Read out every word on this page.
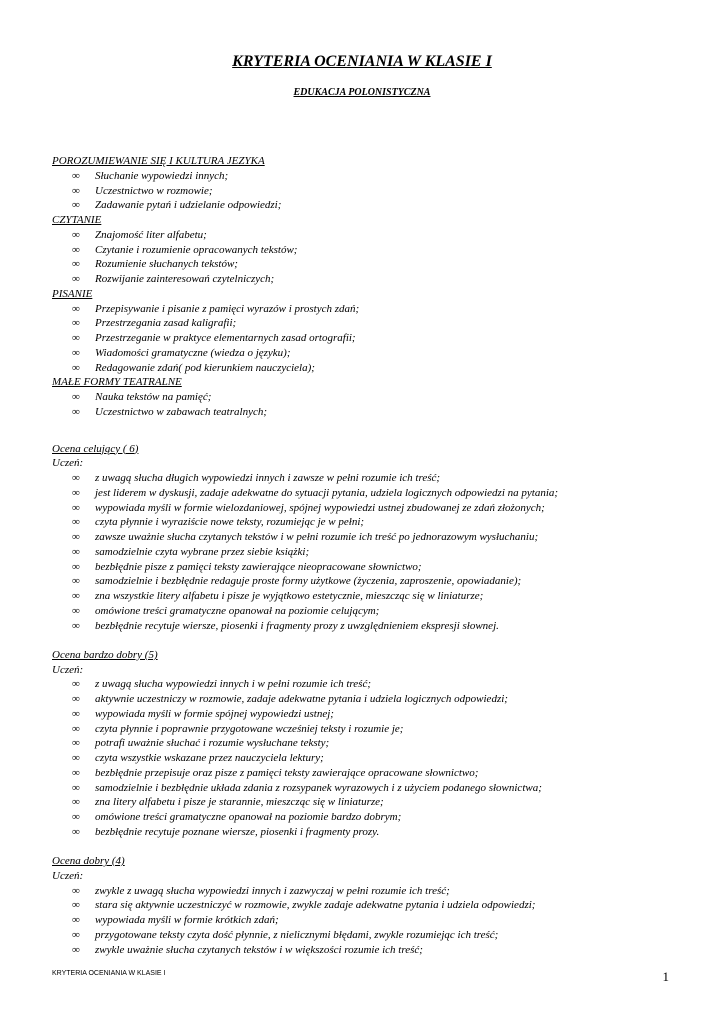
KRYTERIA OCENIANIA W KLASIE I
EDUKACJA POLONISTYCZNA
POROZUMIEWANIE SIĘ I KULTURA JEZYKA
∞ Słuchanie wypowiedzi innych;
∞ Uczestnictwo w rozmowie;
∞ Zadawanie pytań i udzielanie odpowiedzi;
CZYTANIE
∞ Znajomość liter alfabetu;
∞ Czytanie i rozumienie opracowanych tekstów;
∞ Rozumienie słuchanych tekstów;
∞ Rozwijanie zainteresowań czytelniczych;
PISANIE
∞ Przepisywanie i pisanie z pamięci wyrazów i prostych zdań;
∞ Przestrzegania zasad kaligrafii;
∞ Przestrzeganie w praktyce elementarnych zasad ortografii;
∞ Wiadomości gramatyczne (wiedza o języku);
∞ Redagowanie zdań( pod kierunkiem nauczyciela);
MAŁE FORMY TEATRALNE
∞ Nauka tekstów na pamięć;
∞ Uczestnictwo w zabawach teatralnych;
Ocena celujący ( 6)
Uczeń:
∞ z uwagą słucha długich wypowiedzi innych i zawsze w pełni rozumie ich treść;
∞ jest liderem w dyskusji, zadaje adekwatne do sytuacji pytania, udziela logicznych odpowiedzi na pytania;
∞ wypowiada myśli w formie wielozdaniowej, spójnej wypowiedzi ustnej zbudowanej ze zdań złożonych;
∞ czyta płynnie i wyraziście nowe teksty, rozumiejąc je w pełni;
∞ zawsze uważnie słucha czytanych tekstów i w pełni rozumie ich treść po jednorazowym wysłuchaniu;
∞ samodzielnie czyta wybrane przez siebie książki;
∞ bezbłędnie pisze z pamięci teksty zawierające nieopracowane słownictwo;
∞ samodzielnie i bezbłędnie redaguje proste formy użytkowe (życzenia, zaproszenie, opowiadanie);
∞ zna wszystkie litery alfabetu i pisze je wyjątkowo estetycznie, mieszcząc się w liniaturze;
∞ omówione treści gramatyczne opanował na poziomie celującym;
∞ bezbłędnie recytuje wiersze, piosenki i fragmenty prozy z uwzględnieniem ekspresji słownej.
Ocena bardzo dobry (5)
Uczeń:
∞ z uwagą słucha wypowiedzi innych i w pełni rozumie ich treść;
∞ aktywnie uczestniczy w rozmowie, zadaje adekwatne pytania i udziela logicznych odpowiedzi;
∞ wypowiada myśli w formie spójnej wypowiedzi ustnej;
∞ czyta płynnie i poprawnie przygotowane wcześniej teksty i rozumie je;
∞ potrafi uważnie słuchać i rozumie wysłuchane teksty;
∞ czyta wszystkie wskazane przez nauczyciela lektury;
∞ bezbłędnie przepisuje oraz pisze z pamięci teksty zawierające opracowane słownictwo;
∞ samodzielnie i bezbłędnie układa zdania z rozsypanek wyrazowych i z użyciem podanego słownictwa;
∞ zna litery alfabetu i pisze je starannie, mieszcząc się w liniaturze;
∞ omówione treści gramatyczne opanował na poziomie bardzo dobrym;
∞ bezbłędnie recytuje poznane wiersze, piosenki i fragmenty prozy.
Ocena dobry (4)
Uczeń:
∞ zwykle z uwagą słucha wypowiedzi innych i zazwyczaj w pełni rozumie ich treść;
∞ stara się aktywnie uczestniczyć w rozmowie, zwykle zadaje adekwatne pytania i udziela odpowiedzi;
∞ wypowiada myśli w formie krótkich zdań;
∞ przygotowane teksty czyta dość płynnie, z nielicznymi błędami, zwykle rozumiejąc ich treść;
∞ zwykle uważnie słucha czytanych tekstów i w większości rozumie ich treść;
KRYTERIA OCENIANIA W KLASIE I	1
